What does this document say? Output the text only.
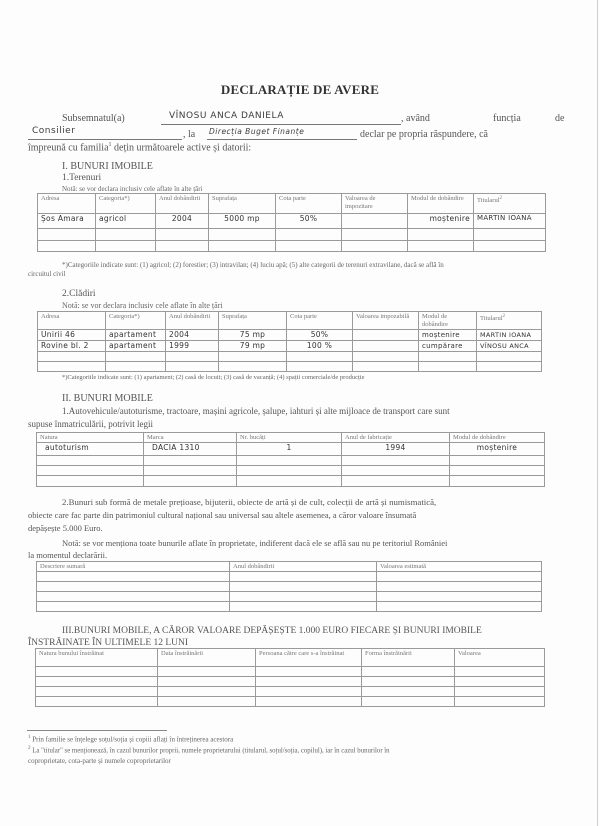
DECLARAȚIE DE AVERE
Subsemnatul(a)	VÎNOSU ANCA DANIELA	, având	funcția	de
Consilier	, la Direcția Buget Finanțe	declar pe propria răspundere, că
împreună cu familia$^1$ dețin următoarele active și datorii:
I. BUNURI IMOBILE
1.Terenuri
Notă: se vor declara inclusiv cele aflate în alte țări
Adresa	Categoria*)	Anul dobândirii	Suprafața	Cota parte	Valoarea de impozitare	Modul de dobândire	Titularul$^2$
Șos Amara	agricol	2004	5000 mp	50%		moștenire	MARTIN IOANA

*)Categoriile indicate sunt: (1) agricol; (2) forestier; (3) intravilan; (4) luciu apă; (5) alte categorii de terenuri extravilane, dacă se află în
circuitul civil
2.Clădiri
Notă: se vor declara inclusiv cele aflate în alte țări
Adresa	Categoria*)	Anul dobândirii	Suprafața	Cota parte	Valoarea impozabilă	Modul de dobândire	Titularul$^2$
Unirii 46	apartament	2004	75 mp	50%		moștenire	MARTIN IOANA
Rovine bl. 2	apartament	1999	79 mp	100 %		cumpărare	VÎNOSU ANCA

*)Categoriile indicate sunt: (1) apartament; (2) casă de locuit; (3) casă de vacanță; (4) spații comerciale/de producție
II. BUNURI MOBILE
1.Autovehicule/autoturisme, tractoare, mașini agricole, șalupe, iahturi și alte mijloace de transport care sunt
supuse înmatriculării, potrivit legii
Natura	Marca	Nr. bucăți	Anul de fabricație	Modul de dobândire
autoturism	DACIA 1310	1	1994	moștenire

2.Bunuri sub formă de metale prețioase, bijuterii, obiecte de artă și de cult, colecții de artă și numismatică,
obiecte care fac parte din patrimoniul cultural național sau universal sau altele asemenea, a căror valoare însumată
depășește 5.000 Euro.
Notă: se vor menționa toate bunurile aflate în proprietate, indiferent dacă ele se află sau nu pe teritoriul României
la momentul declarării.
Descriere sumară	Anul dobândirii	Valoarea estimată

III.BUNURI MOBILE, A CĂROR VALOARE DEPĂȘEȘTE 1.000 EURO FIECARE ȘI BUNURI IMOBILE
ÎNSTRĂINATE ÎN ULTIMELE 12 LUNI
Natura bunului înstrăinat	Data înstrăinării	Persoana către care s-a înstrăinat	Forma înstrăinării	Valoarea

$^1$ Prin familie se înțelege soțul/soția și copiii aflați în întreținerea acestora
$^2$ La "titular" se menționează, în cazul bunurilor proprii, numele proprietarului (titularul, soțul/soția, copilul), iar în cazul bunurilor în
coproprietate, cota-parte și numele coproprietarilor
